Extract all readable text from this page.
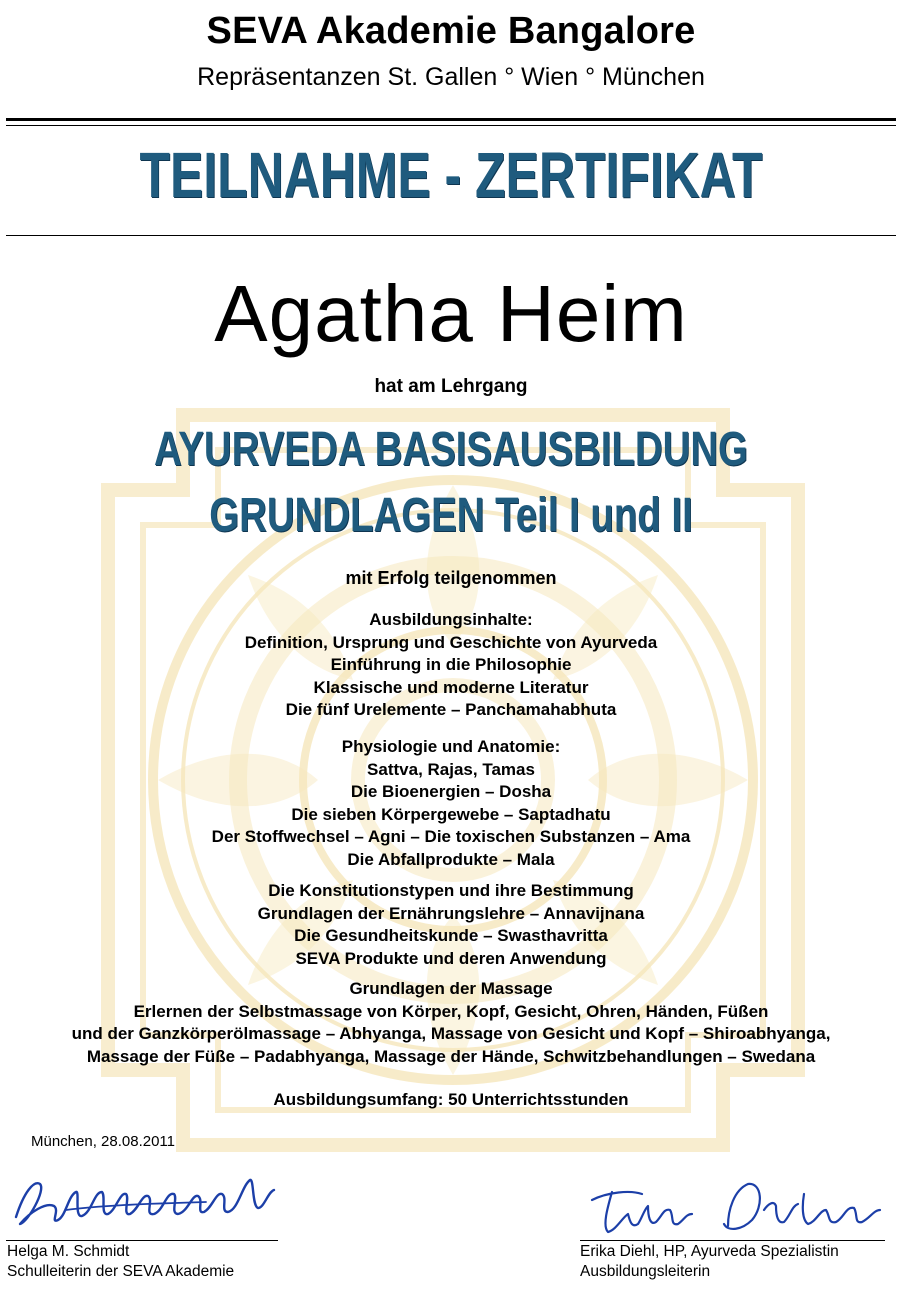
SEVA Akademie Bangalore
Repräsentanzen St. Gallen ° Wien ° München
TEILNAHME - ZERTIFIKAT
Agatha Heim
hat am Lehrgang
AYURVEDA BASISAUSBILDUNG
GRUNDLAGEN Teil I und II
mit Erfolg teilgenommen
Ausbildungsinhalte:
Definition, Ursprung und Geschichte von Ayurveda
Einführung in die Philosophie
Klassische und moderne Literatur
Die fünf Urelemente – Panchamahabhuta
Physiologie und Anatomie:
Sattva, Rajas, Tamas
Die Bioenergien – Dosha
Die sieben Körpergewebe – Saptadhatu
Der Stoffwechsel – Agni – Die toxischen Substanzen – Ama
Die Abfallprodukte – Mala
Die Konstitutionstypen und ihre Bestimmung
Grundlagen der Ernährungslehre – Annavijnana
Die Gesundheitskunde – Swasthavritta
SEVA Produkte und deren Anwendung
Grundlagen der Massage
Erlernen der Selbstmassage von Körper, Kopf, Gesicht, Ohren, Händen, Füßen
und der Ganzkörperölmassage – Abhyanga, Massage von Gesicht und Kopf – Shiroabhyanga,
Massage der Füße – Padabhyanga, Massage der Hände, Schwitzbehandlungen – Swedana
Ausbildungsumfang: 50 Unterrichtsstunden
München, 28.08.2011
Helga M. Schmidt
Schulleiterin der SEVA Akademie
Erika Diehl, HP, Ayurveda Spezialistin
Ausbildungsleiterin
